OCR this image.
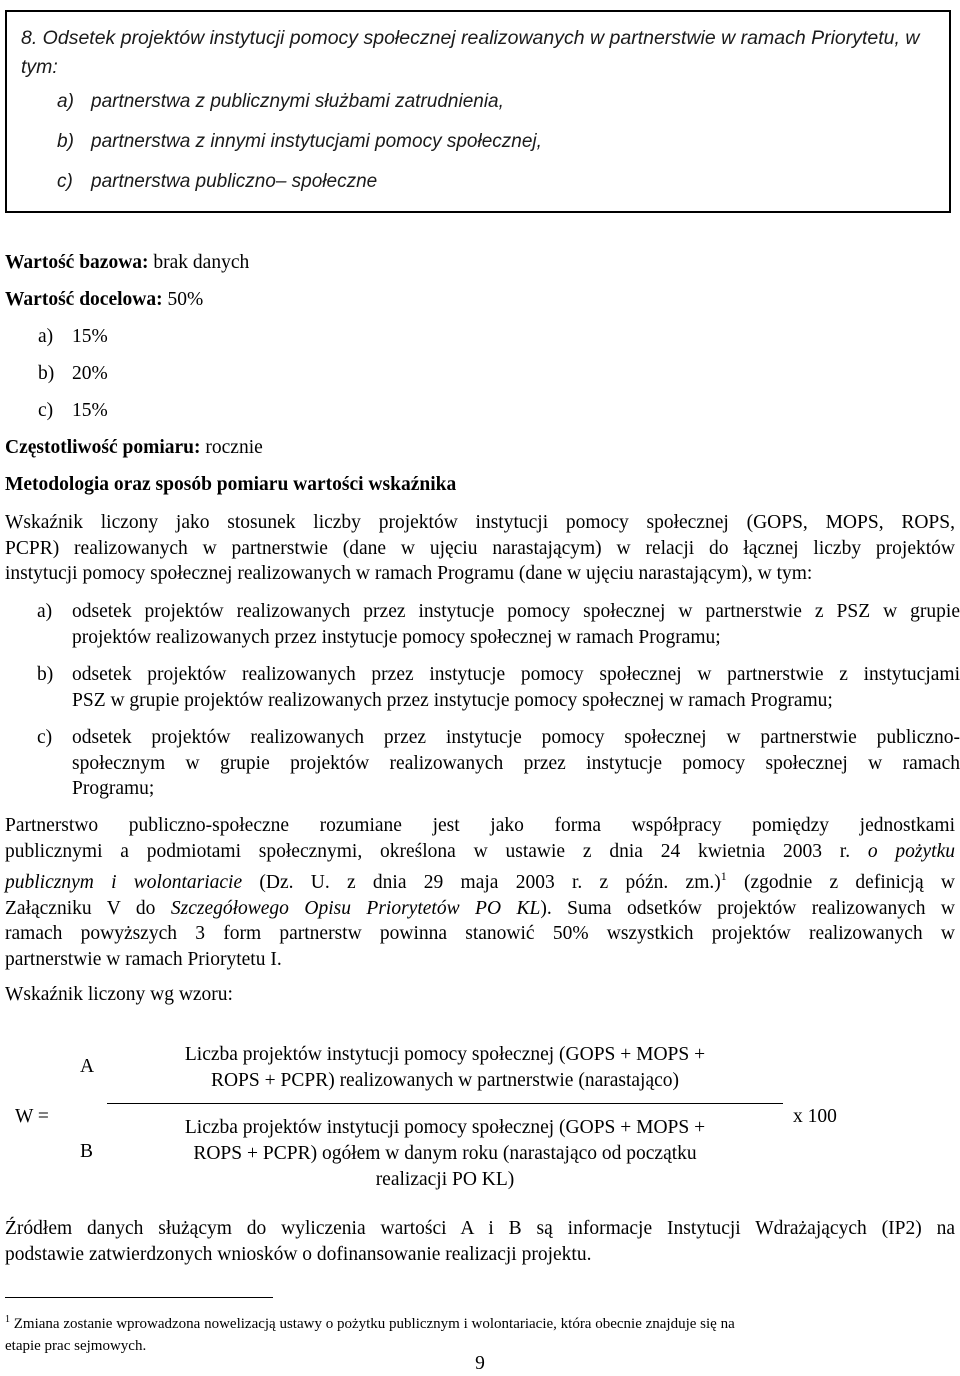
8. Odsetek projektów instytucji pomocy społecznej realizowanych w partnerstwie w ramach Priorytetu, w tym:
a) partnerstwa z publicznymi służbami zatrudnienia,
b) partnerstwa z innymi instytucjami pomocy społecznej,
c) partnerstwa publiczno– społeczne
Wartość bazowa: brak danych
Wartość docelowa: 50%
a) 15%
b) 20%
c) 15%
Częstotliwość pomiaru: rocznie
Metodologia oraz sposób pomiaru wartości wskaźnika
Wskaźnik liczony jako stosunek liczby projektów instytucji pomocy społecznej (GOPS, MOPS, ROPS,
PCPR) realizowanych w partnerstwie (dane w ujęciu narastającym) w relacji do łącznej liczby projektów
instytucji pomocy społecznej realizowanych w ramach Programu (dane w ujęciu narastającym), w tym:
a) odsetek projektów realizowanych przez instytucje pomocy społecznej w partnerstwie z PSZ w grupie
projektów realizowanych przez instytucje pomocy społecznej w ramach Programu;
b) odsetek projektów realizowanych przez instytucje pomocy społecznej w partnerstwie z instytucjami
PSZ w grupie projektów realizowanych przez instytucje pomocy społecznej w ramach Programu;
c) odsetek projektów realizowanych przez instytucje pomocy społecznej w partnerstwie publiczno-
społecznym w grupie projektów realizowanych przez instytucje pomocy społecznej w ramach
Programu;
Partnerstwo publiczno-społeczne rozumiane jest jako forma współpracy pomiędzy jednostkami
publicznymi a podmiotami społecznymi, określona w ustawie z dnia 24 kwietnia 2003 r. o pożytku
publicznym i wolontariacie (Dz. U. z dnia 29 maja 2003 r. z późn. zm.)$^1$ (zgodnie z definicją w
Załączniku V do Szczegółowego Opisu Priorytetów PO KL). Suma odsetków projektów realizowanych w
ramach powyższych 3 form partnerstw powinna stanowić 50% wszystkich projektów realizowanych w
partnerstwie w ramach Priorytetu I.
Wskaźnik liczony wg wzoru:
W =
A
B
Liczba projektów instytucji pomocy społecznej (GOPS + MOPS +
ROPS + PCPR) realizowanych w partnerstwie (narastająco)
Liczba projektów instytucji pomocy społecznej (GOPS + MOPS +
ROPS + PCPR) ogółem w danym roku (narastająco od początku
realizacji PO KL)
x 100
Źródłem danych służącym do wyliczenia wartości A i B są informacje Instytucji Wdrażających (IP2) na
podstawie zatwierdzonych wniosków o dofinansowanie realizacji projektu.
$^1$ Zmiana zostanie wprowadzona nowelizacją ustawy o pożytku publicznym i wolontariacie, która obecnie znajduje się na
etapie prac sejmowych.
9
